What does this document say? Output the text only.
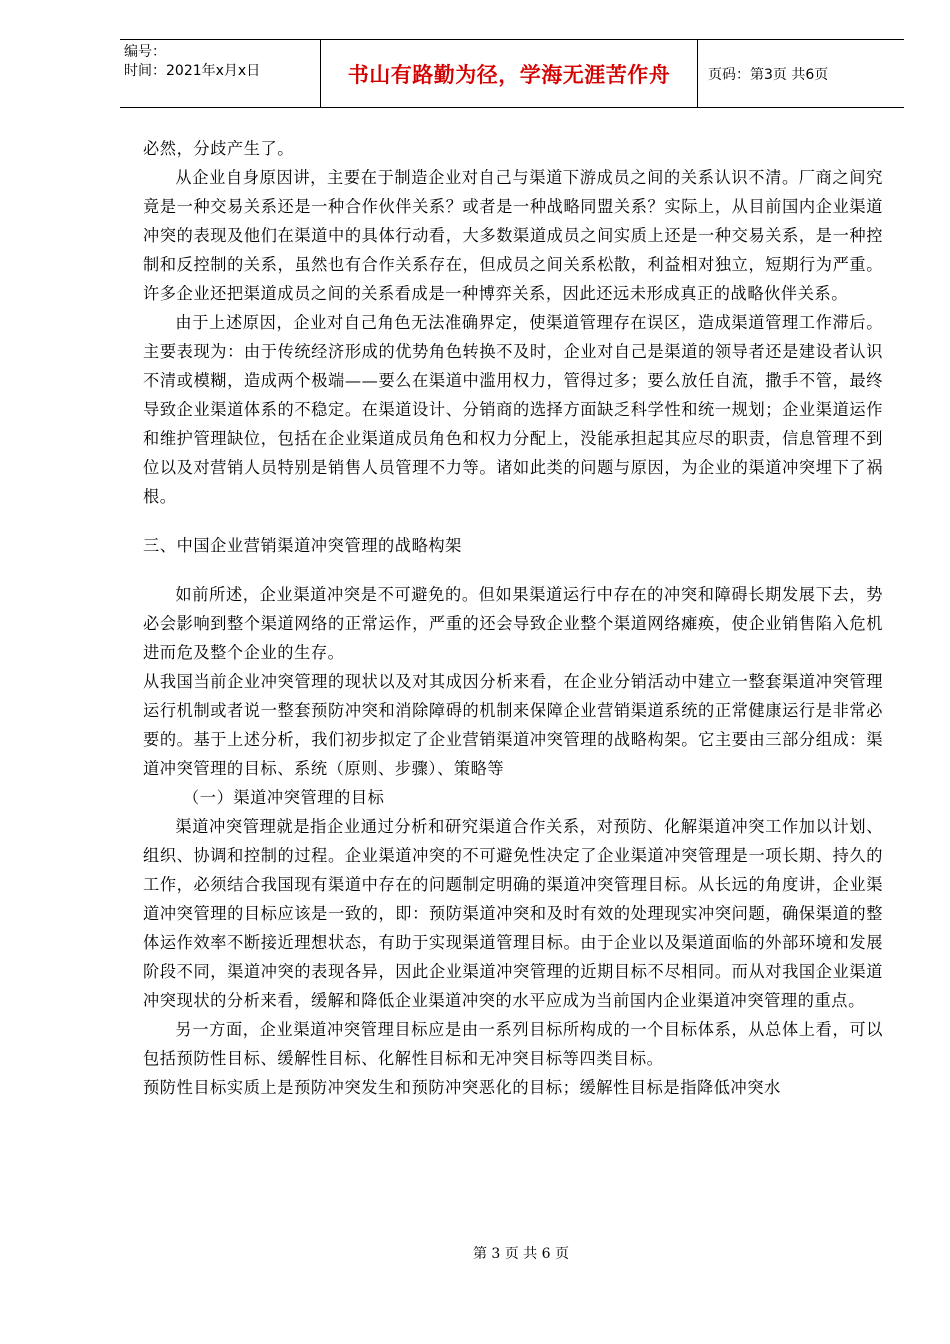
编号：
时间：2021年x月x日	书山有路勤为径，学海无涯苦作舟	页码：第3页 共6页

必然，分歧产生了。

从企业自身原因讲，主要在于制造企业对自己与渠道下游成员之间的关系认识不清。厂商之间究竟是一种交易关系还是一种合作伙伴关系？或者是一种战略同盟关系？实际上，从目前国内企业渠道冲突的表现及他们在渠道中的具体行动看，大多数渠道成员之间实质上还是一种交易关系，是一种控制和反控制的关系，虽然也有合作关系存在，但成员之间关系松散，利益相对独立，短期行为严重。许多企业还把渠道成员之间的关系看成是一种博弈关系，因此还远未形成真正的战略伙伴关系。

由于上述原因，企业对自己角色无法准确界定，使渠道管理存在误区，造成渠道管理工作滞后。主要表现为：由于传统经济形成的优势角色转换不及时，企业对自己是渠道的领导者还是建设者认识不清或模糊，造成两个极端——要么在渠道中滥用权力，管得过多；要么放任自流，撒手不管，最终导致企业渠道体系的不稳定。在渠道设计、分销商的选择方面缺乏科学性和统一规划；企业渠道运作和维护管理缺位，包括在企业渠道成员角色和权力分配上，没能承担起其应尽的职责，信息管理不到位以及对营销人员特别是销售人员管理不力等。诸如此类的问题与原因，为企业的渠道冲突埋下了祸根。

三、中国企业营销渠道冲突管理的战略构架

如前所述，企业渠道冲突是不可避免的。但如果渠道运行中存在的冲突和障碍长期发展下去，势必会影响到整个渠道网络的正常运作，严重的还会导致企业整个渠道网络瘫痪，使企业销售陷入危机进而危及整个企业的生存。

从我国当前企业冲突管理的现状以及对其成因分析来看，在企业分销活动中建立一整套渠道冲突管理运行机制或者说一整套预防冲突和消除障碍的机制来保障企业营销渠道系统的正常健康运行是非常必要的。基于上述分析，我们初步拟定了企业营销渠道冲突管理的战略构架。它主要由三部分组成：渠道冲突管理的目标、系统（原则、步骤）、策略等

（一）渠道冲突管理的目标

渠道冲突管理就是指企业通过分析和研究渠道合作关系，对预防、化解渠道冲突工作加以计划、组织、协调和控制的过程。企业渠道冲突的不可避免性决定了企业渠道冲突管理是一项长期、持久的工作，必须结合我国现有渠道中存在的问题制定明确的渠道冲突管理目标。从长远的角度讲，企业渠道冲突管理的目标应该是一致的，即：预防渠道冲突和及时有效的处理现实冲突问题，确保渠道的整体运作效率不断接近理想状态，有助于实现渠道管理目标。由于企业以及渠道面临的外部环境和发展阶段不同，渠道冲突的表现各异，因此企业渠道冲突管理的近期目标不尽相同。而从对我国企业渠道冲突现状的分析来看，缓解和降低企业渠道冲突的水平应成为当前国内企业渠道冲突管理的重点。

另一方面，企业渠道冲突管理目标应是由一系列目标所构成的一个目标体系，从总体上看，可以包括预防性目标、缓解性目标、化解性目标和无冲突目标等四类目标。

预防性目标实质上是预防冲突发生和预防冲突恶化的目标；缓解性目标是指降低冲突水

第 3 页 共 6 页
